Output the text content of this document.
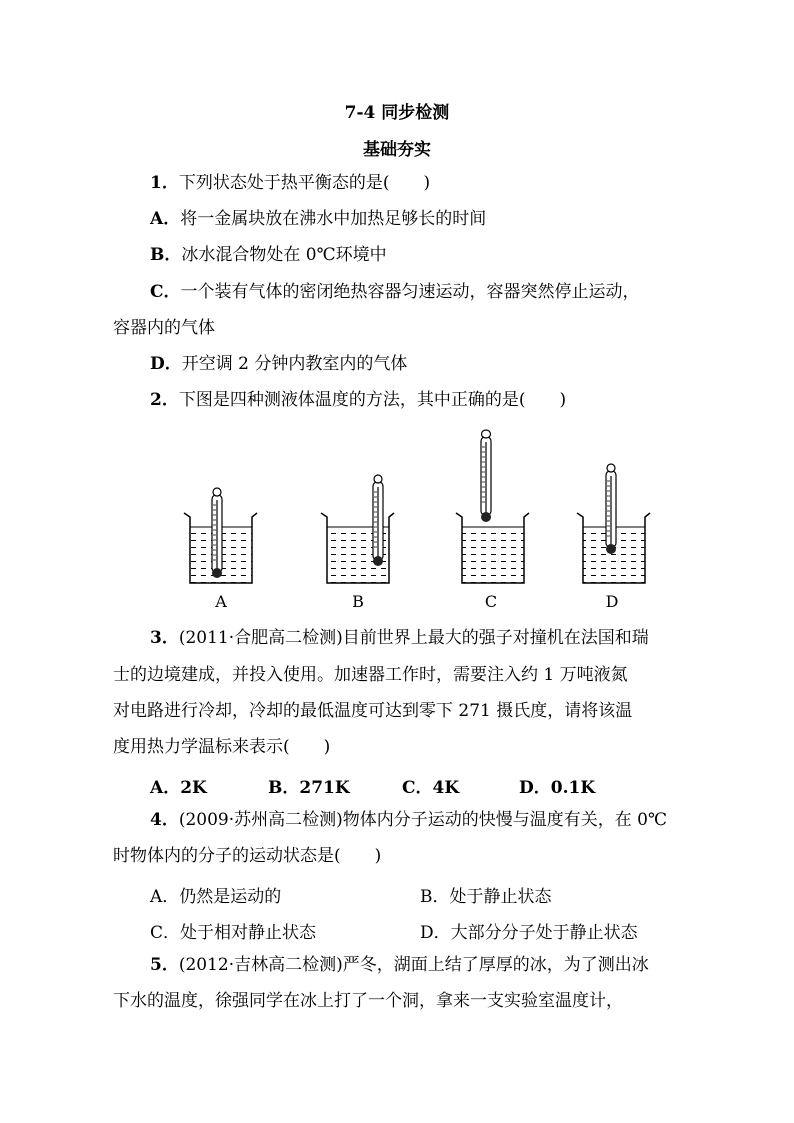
7-4 同步检测
基础夯实
1．下列状态处于热平衡态的是(　　)
A．将一金属块放在沸水中加热足够长的时间
B．冰水混合物处在 0℃环境中
C．一个装有气体的密闭绝热容器匀速运动，容器突然停止运动，
容器内的气体
D．开空调 2 分钟内教室内的气体
2．下图是四种测液体温度的方法，其中正确的是(　　)
A	B	C	D
3．(2011·合肥高二检测)目前世界上最大的强子对撞机在法国和瑞
士的边境建成，并投入使用。加速器工作时，需要注入约 1 万吨液氮
对电路进行冷却，冷却的最低温度可达到零下 271 摄氏度，请将该温
度用热力学温标来表示(　　)
A．2K	B．271K	C．4K	D．0.1K
4．(2009·苏州高二检测)物体内分子运动的快慢与温度有关，在 0℃
时物体内的分子的运动状态是(　　)
A．仍然是运动的	B．处于静止状态
C．处于相对静止状态	D．大部分分子处于静止状态
5．(2012·吉林高二检测)严冬，湖面上结了厚厚的冰，为了测出冰
下水的温度，徐强同学在冰上打了一个洞，拿来一支实验室温度计，
